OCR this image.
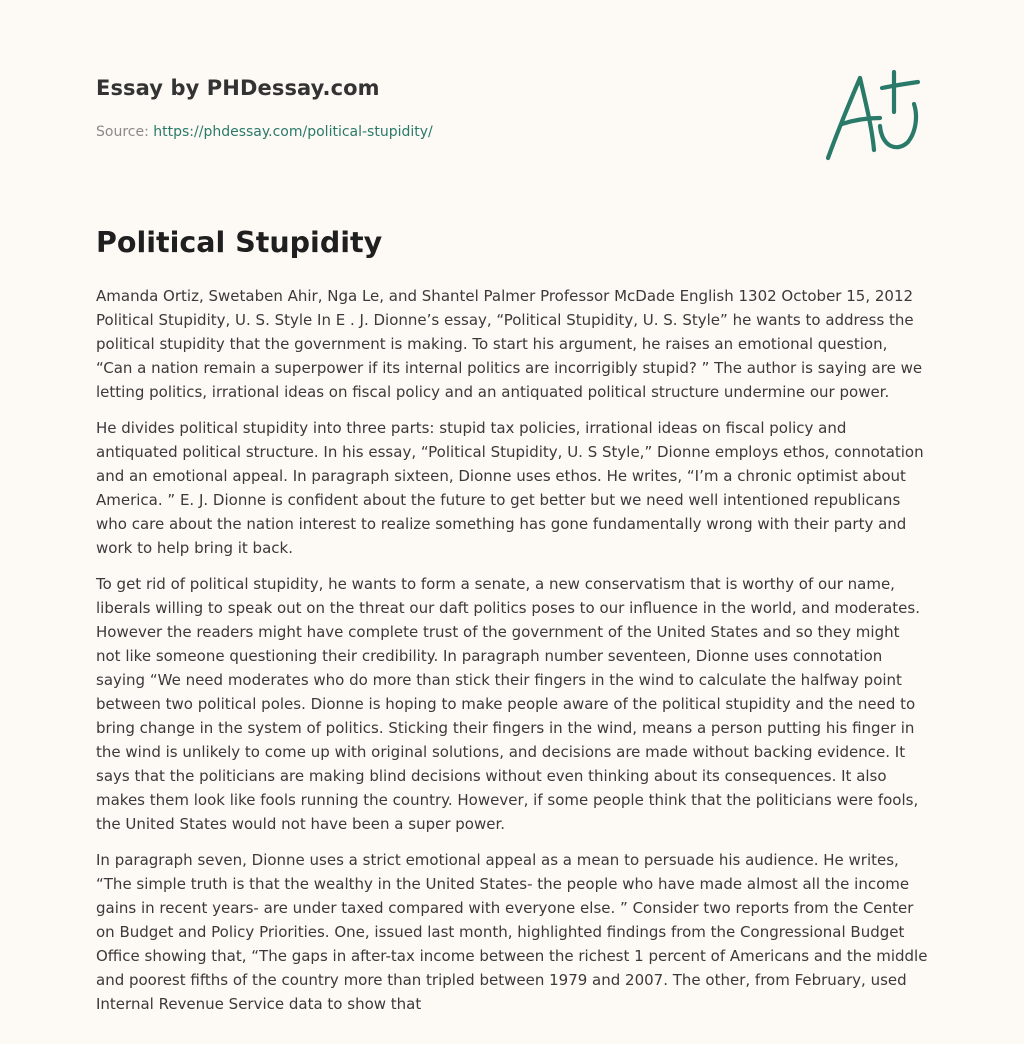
Essay by PHDessay.com

Source: https://phdessay.com/political-stupidity/

Political Stupidity

Amanda Ortiz, Swetaben Ahir, Nga Le, and Shantel Palmer Professor McDade English 1302 October 15, 2012 Political Stupidity, U. S. Style In E . J. Dionne’s essay, “Political Stupidity, U. S. Style” he wants to address the political stupidity that the government is making. To start his argument, he raises an emotional question, “Can a nation remain a superpower if its internal politics are incorrigibly stupid? ” The author is saying are we letting politics, irrational ideas on fiscal policy and an antiquated political structure undermine our power.

He divides political stupidity into three parts: stupid tax policies, irrational ideas on fiscal policy and antiquated political structure. In his essay, “Political Stupidity, U. S Style,” Dionne employs ethos, connotation and an emotional appeal. In paragraph sixteen, Dionne uses ethos. He writes, “I’m a chronic optimist about America. ” E. J. Dionne is confident about the future to get better but we need well intentioned republicans who care about the nation interest to realize something has gone fundamentally wrong with their party and work to help bring it back.

To get rid of political stupidity, he wants to form a senate, a new conservatism that is worthy of our name, liberals willing to speak out on the threat our daft politics poses to our influence in the world, and moderates. However the readers might have complete trust of the government of the United States and so they might not like someone questioning their credibility. In paragraph number seventeen, Dionne uses connotation saying “We need moderates who do more than stick their fingers in the wind to calculate the halfway point between two political poles. Dionne is hoping to make people aware of the political stupidity and the need to bring change in the system of politics. Sticking their fingers in the wind, means a person putting his finger in the wind is unlikely to come up with original solutions, and decisions are made without backing evidence. It says that the politicians are making blind decisions without even thinking about its consequences. It also makes them look like fools running the country. However, if some people think that the politicians were fools, the United States would not have been a super power.

In paragraph seven, Dionne uses a strict emotional appeal as a mean to persuade his audience. He writes, “The simple truth is that the wealthy in the United States- the people who have made almost all the income gains in recent years- are under taxed compared with everyone else. ” Consider two reports from the Center on Budget and Policy Priorities. One, issued last month, highlighted findings from the Congressional Budget Office showing that, “The gaps in after-tax income between the richest 1 percent of Americans and the middle and poorest fifths of the country more than tripled between 1979 and 2007. The other, from February, used Internal Revenue Service data to show that
